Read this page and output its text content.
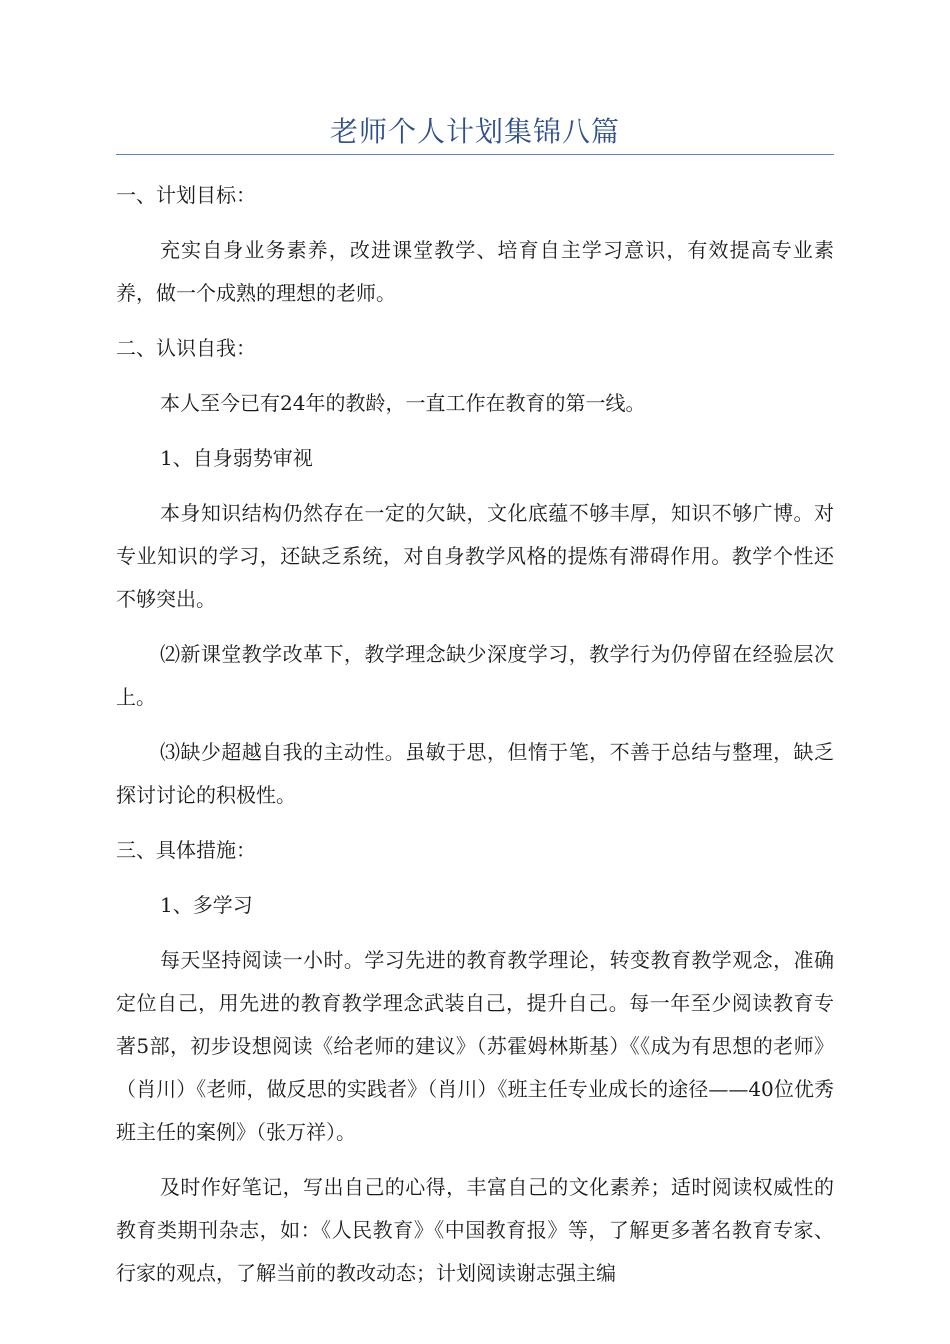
老师个人计划集锦八篇

一、计划目标：

充实自身业务素养，改进课堂教学、培育自主学习意识，有效提高专业素养，做一个成熟的理想的老师。

二、认识自我：

本人至今已有24年的教龄，一直工作在教育的第一线。

1、自身弱势审视

本身知识结构仍然存在一定的欠缺，文化底蕴不够丰厚，知识不够广博。对专业知识的学习，还缺乏系统，对自身教学风格的提炼有滞碍作用。教学个性还不够突出。

⑵新课堂教学改革下，教学理念缺少深度学习，教学行为仍停留在经验层次上。

⑶缺少超越自我的主动性。虽敏于思，但惰于笔，不善于总结与整理，缺乏探讨讨论的积极性。

三、具体措施：

1、多学习

每天坚持阅读一小时。学习先进的教育教学理论，转变教育教学观念，准确定位自己，用先进的教育教学理念武装自己，提升自己。每一年至少阅读教育专著5部，初步设想阅读《给老师的建议》（苏霍姆林斯基）《《成为有思想的老师》（肖川）《老师，做反思的实践者》（肖川）《班主任专业成长的途径——40位优秀班主任的案例》（张万祥）。

及时作好笔记，写出自己的心得，丰富自己的文化素养；适时阅读权威性的教育类期刊杂志，如：《人民教育》《中国教育报》等，了解更多著名教育专家、行家的观点，了解当前的教改动态；计划阅读谢志强主编
